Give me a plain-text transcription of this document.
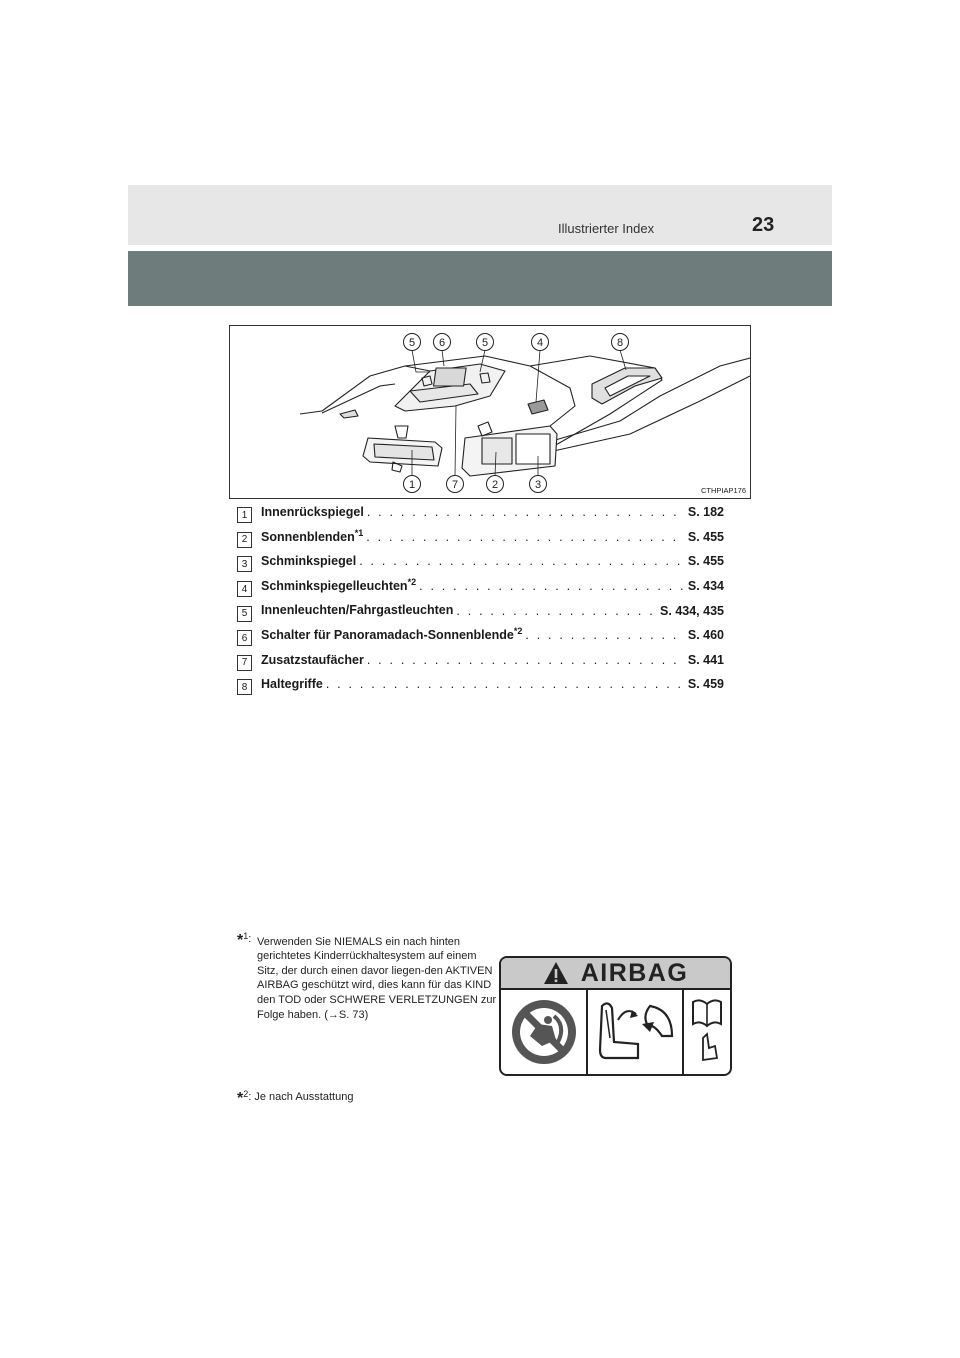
Illustrierter Index	23
5 6	5	4	8
1	7	2	3	CTHPIAP176
1	Innenrückspiegel . . .	S. 182
2	Sonnenblenden$^{*1}$ . . .	S. 455
3	Schminkspiegel . . .	S. 455
4	Schminkspiegelleuchten$^{*2}$ . . .	S. 434
5	Innenleuchten/Fahrgastleuchten . . .	S. 434, 435
6	Schalter für Panoramadach-Sonnenblende$^{*2}$ . . .	S. 460
7	Zusatzstaufächer . . .	S. 441
8	Haltegriffe . . .	S. 459
*$^1$: Verwenden Sie NIEMALS ein nach hinten gerichtetes Kinderrückhaltesystem auf einem Sitz, der durch einen davor liegen-den AKTIVEN AIRBAG geschützt wird, dies kann für das KIND den TOD oder SCHWERE VERLETZUNGEN zur Folge haben. (→S. 73)
*$^2$: Je nach Ausstattung
AIRBAG
